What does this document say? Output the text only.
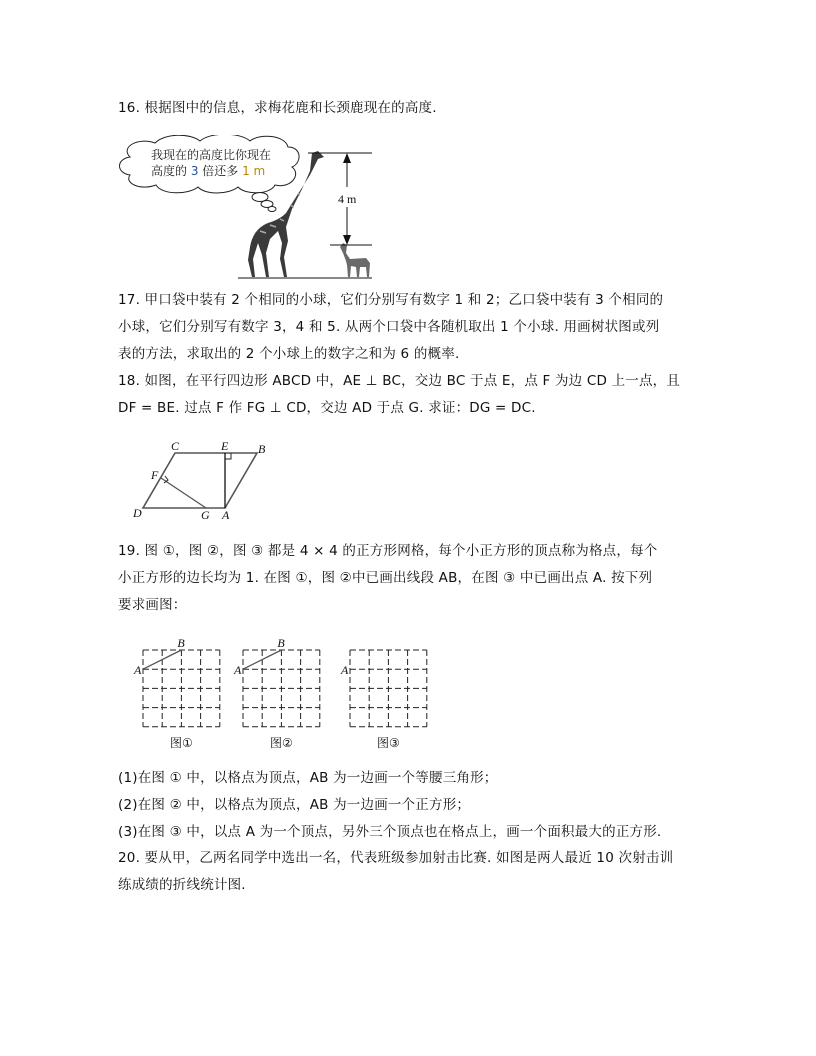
16. 根据图中的信息，求梅花鹿和长颈鹿现在的高度.
我现在的高度比你现在
高度的 3 倍还多 1 m
4 m
17. 甲口袋中装有 2 个相同的小球，它们分别写有数字 1 和 2；乙口袋中装有 3 个相同的
小球，它们分别写有数字 3，4 和 5. 从两个口袋中各随机取出 1 个小球. 用画树状图或列
表的方法，求取出的 2 个小球上的数字之和为 6 的概率.
18. 如图，在平行四边形 ABCD 中，AE ⊥ BC，交边 BC 于点 E，点 F 为边 CD 上一点，且
DF = BE. 过点 F 作 FG ⊥ CD，交边 AD 于点 G. 求证：DG = DC.
C	E B
F
D	G A
19. 图 ①，图 ②，图 ③ 都是 4 × 4 的正方形网格，每个小正方形的顶点称为格点，每个
小正方形的边长均为 1. 在图 ①，图 ②中已画出线段 AB，在图 ③ 中已画出点 A. 按下列
要求画图：
B
A
图①
B
A
图②
A
图③
(1)在图 ① 中，以格点为顶点，AB 为一边画一个等腰三角形；
(2)在图 ② 中，以格点为顶点，AB 为一边画一个正方形；
(3)在图 ③ 中，以点 A 为一个顶点，另外三个顶点也在格点上，画一个面积最大的正方形.
20. 要从甲，乙两名同学中选出一名，代表班级参加射击比赛. 如图是两人最近 10 次射击训
练成绩的折线统计图.
